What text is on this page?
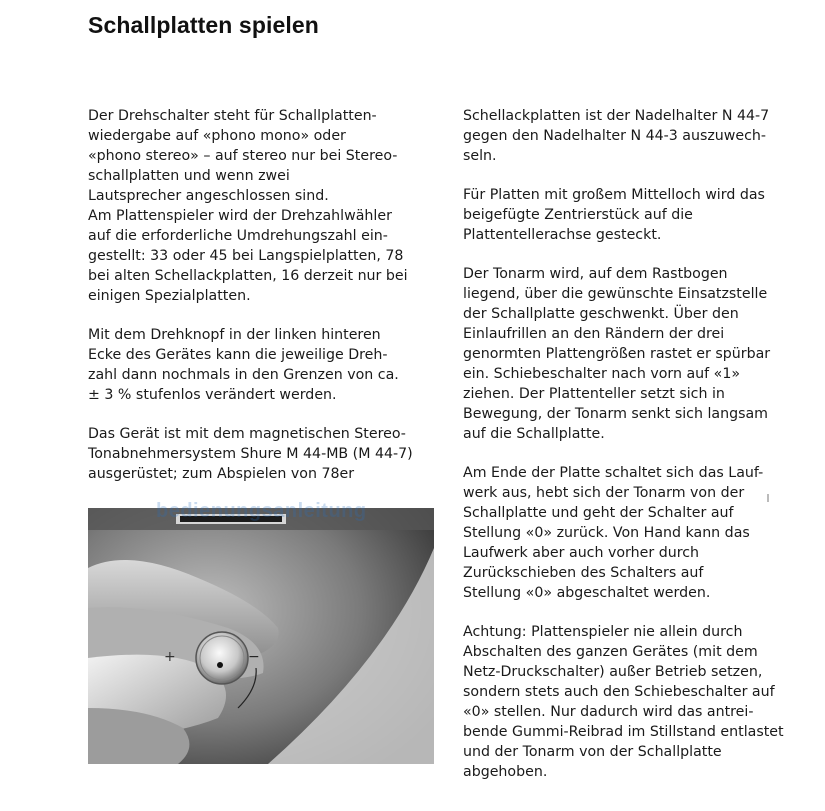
Schallplatten spielen

Der Drehschalter steht für Schallplatten-
wiedergabe auf «phono mono» oder
«phono stereo» – auf stereo nur bei Stereo-
schallplatten und wenn zwei
Lautsprecher angeschlossen sind.
Am Plattenspieler wird der Drehzahlwähler
auf die erforderliche Umdrehungszahl ein-
gestellt: 33 oder 45 bei Langspielplatten, 78
bei alten Schellackplatten, 16 derzeit nur bei
einigen Spezialplatten.

Mit dem Drehknopf in der linken hinteren
Ecke des Gerätes kann die jeweilige Dreh-
zahl dann nochmals in den Grenzen von ca.
± 3 % stufenlos verändert werden.

Das Gerät ist mit dem magnetischen Stereo-
Tonabnehmersystem Shure M 44-MB (M 44-7)
ausgerüstet; zum Abspielen von 78er

Schellackplatten ist der Nadelhalter N 44-7
gegen den Nadelhalter N 44-3 auszuwech-
seln.

Für Platten mit großem Mittelloch wird das
beigefügte Zentrierstück auf die
Plattentellerachse gesteckt.

Der Tonarm wird, auf dem Rastbogen
liegend, über die gewünschte Einsatzstelle
der Schallplatte geschwenkt. Über den
Einlaufrillen an den Rändern der drei
genormten Plattengrößen rastet er spürbar
ein. Schiebeschalter nach vorn auf «1»
ziehen. Der Plattenteller setzt sich in
Bewegung, der Tonarm senkt sich langsam
auf die Schallplatte.

Am Ende der Platte schaltet sich das Lauf-
werk aus, hebt sich der Tonarm von der
Schallplatte und geht der Schalter auf
Stellung «0» zurück. Von Hand kann das
Laufwerk aber auch vorher durch
Zurückschieben des Schalters auf
Stellung «0» abgeschaltet werden.

Achtung: Plattenspieler nie allein durch
Abschalten des ganzen Gerätes (mit dem
Netz-Druckschalter) außer Betrieb setzen,
sondern stets auch den Schiebeschalter auf
«0» stellen. Nur dadurch wird das antrei-
bende Gummi-Reibrad im Stillstand entlastet
und der Tonarm von der Schallplatte
abgehoben.

+	−
bedienungsanleitung
